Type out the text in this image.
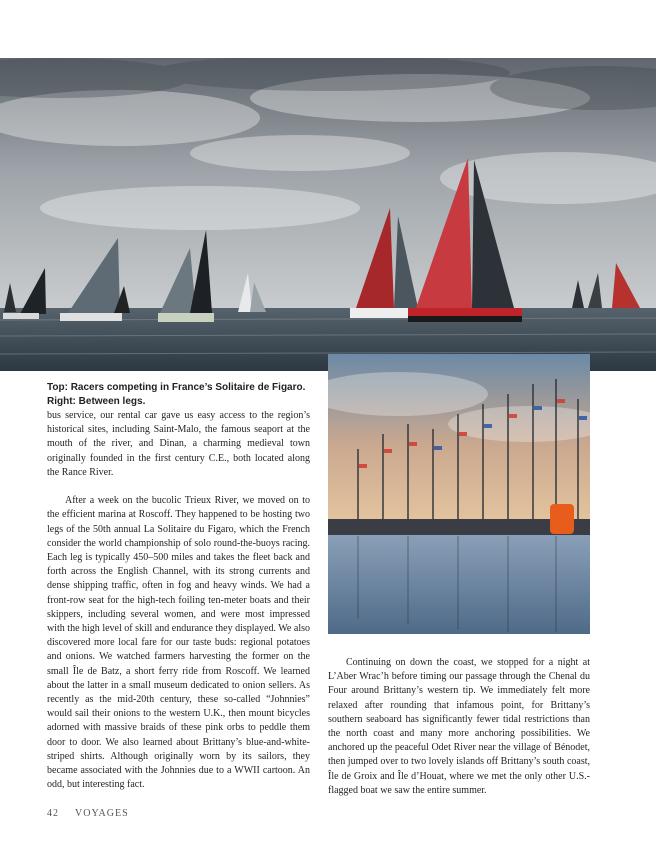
Top: Racers competing in France’s Solitaire de Figaro.
Right: Between legs.

bus service, our rental car gave us easy access to the region’s historical sites, including Saint-Malo, the famous seaport at the mouth of the river, and Dinan, a charming medieval town originally founded in the first century C.E., both located along the Rance River.

After a week on the bucolic Trieux River, we moved on to the efficient marina at Roscoff. They happened to be hosting two legs of the 50th annual La Solitaire du Figaro, which the French consider the world championship of solo round-the-buoys racing. Each leg is typically 450–500 miles and takes the fleet back and forth across the English Channel, with its strong currents and dense shipping traffic, often in fog and heavy winds. We had a front-row seat for the high-tech foiling ten-meter boats and their skippers, including several women, and were most impressed with the high level of skill and endurance they displayed. We also discovered more local fare for our taste buds: regional potatoes and onions. We watched farmers harvesting the former on the small Île de Batz, a short ferry ride from Roscoff. We learned about the latter in a small museum dedicated to onion sellers. As recently as the mid-20th century, these so-called “Johnnies” would sail their onions to the western U.K., then mount bicycles adorned with massive braids of these pink orbs to peddle them door to door. We also learned about Brittany’s blue-and-white-striped shirts. Although originally worn by its sailors, they became associated with the Johnnies due to a WWII cartoon. An odd, but interesting fact.

Continuing on down the coast, we stopped for a night at L’Aber Wrac’h before timing our passage through the Chenal du Four around Brittany’s western tip. We immediately felt more relaxed after rounding that infamous point, for Brittany’s southern seaboard has significantly fewer tidal restrictions than the north coast and many more anchoring possibilities. We anchored up the peaceful Odet River near the village of Bénodet, then jumped over to two lovely islands off Brittany’s south coast, Île de Groix and Île d’Houat, where we met the only other U.S.-flagged boat we saw the entire summer.

42 VOYAGES
